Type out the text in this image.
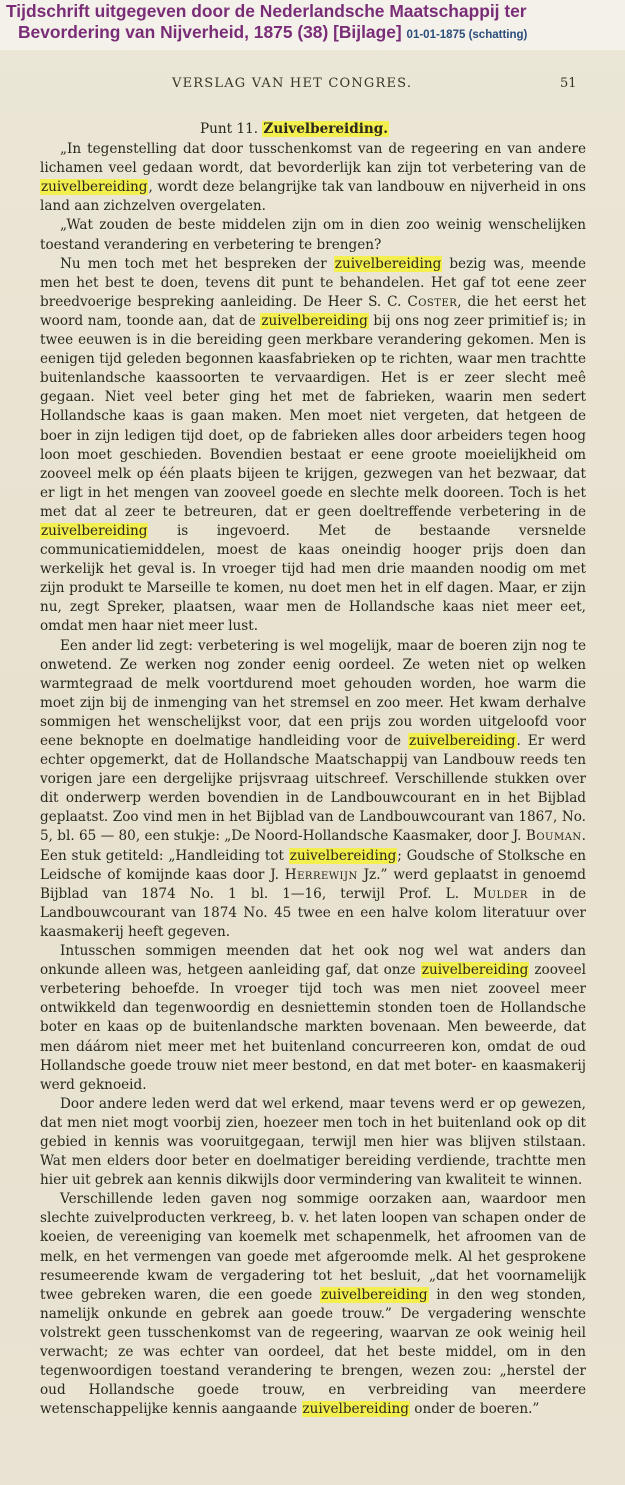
Tijdschrift uitgegeven door de Nederlandsche Maatschappij ter
Bevordering van Nijverheid, 1875 (38) [Bijlage] 01-01-1875 (schatting)
VERSLAG VAN HET CONGRES.	51
Punt 11. Zuivelbereiding.

„In tegenstelling dat door tusschenkomst van de regeering en van andere lichamen veel gedaan wordt, dat bevorderlijk kan zijn tot verbetering van de zuivelbereiding, wordt deze belangrijke tak van landbouw en nijverheid in ons land aan zichzelven overgelaten.

„Wat zouden de beste middelen zijn om in dien zoo weinig wenschelijken toestand verandering en verbetering te brengen?

Nu men toch met het bespreken der zuivelbereiding bezig was, meende men het best te doen, tevens dit punt te behandelen. Het gaf tot eene zeer breedvoerige bespreking aanleiding. De Heer S. C. Coster, die het eerst het woord nam, toonde aan, dat de zuivelbereiding bij ons nog zeer primitief is; in twee eeuwen is in die bereiding geen merkbare verandering gekomen. Men is eenigen tijd geleden begonnen kaasfabrieken op te richten, waar men trachtte buitenlandsche kaassoorten te vervaardigen. Het is er zeer slecht meê gegaan. Niet veel beter ging het met de fabrieken, waarin men sedert Hollandsche kaas is gaan maken. Men moet niet vergeten, dat hetgeen de boer in zijn ledigen tijd doet, op de fabrieken alles door arbeiders tegen hoog loon moet geschieden. Bovendien bestaat er eene groote moeielijkheid om zooveel melk op één plaats bijeen te krijgen, gezwegen van het bezwaar, dat er ligt in het mengen van zooveel goede en slechte melk dooreen. Toch is het met dat al zeer te betreuren, dat er geen doeltreffende verbetering in de zuivelbereiding is ingevoerd. Met de bestaande versnelde communicatiemiddelen, moest de kaas oneindig hooger prijs doen dan werkelijk het geval is. In vroeger tijd had men drie maanden noodig om met zijn produkt te Marseille te komen, nu doet men het in elf dagen. Maar, er zijn nu, zegt Spreker, plaatsen, waar men de Hollandsche kaas niet meer eet, omdat men haar niet meer lust.

Een ander lid zegt: verbetering is wel mogelijk, maar de boeren zijn nog te onwetend. Ze werken nog zonder eenig oordeel. Ze weten niet op welken warmtegraad de melk voortdurend moet gehouden worden, hoe warm die moet zijn bij de inmenging van het stremsel en zoo meer. Het kwam derhalve sommigen het wenschelijkst voor, dat een prijs zou worden uitgeloofd voor eene beknopte en doelmatige handleiding voor de zuivelbereiding. Er werd echter opgemerkt, dat de Hollandsche Maatschappij van Landbouw reeds ten vorigen jare een dergelijke prijsvraag uitschreef. Verschillende stukken over dit onderwerp werden bovendien in de Landbouwcourant en in het Bijblad geplaatst. Zoo vind men in het Bijblad van de Landbouwcourant van 1867, No. 5, bl. 65 — 80, een stukje: „De Noord-Hollandsche Kaasmaker, door J. Bouman. Een stuk getiteld: „Handleiding tot zuivelbereiding; Goudsche of Stolksche en Leidsche of komijnde kaas door J. Herrewijn Jz.” werd geplaatst in genoemd Bijblad van 1874 No. 1 bl. 1—16, terwijl Prof. L. Mulder in de Landbouwcourant van 1874 No. 45 twee en een halve kolom literatuur over kaasmakerij heeft gegeven.

Intusschen sommigen meenden dat het ook nog wel wat anders dan onkunde alleen was, hetgeen aanleiding gaf, dat onze zuivelbereiding zooveel verbetering behoefde. In vroeger tijd toch was men niet zooveel meer ontwikkeld dan tegenwoordig en desniettemin stonden toen de Hollandsche boter en kaas op de buitenlandsche markten bovenaan. Men beweerde, dat men dáárom niet meer met het buitenland concurreeren kon, omdat de oud Hollandsche goede trouw niet meer bestond, en dat met boter- en kaasmakerij werd geknoeid.

Door andere leden werd dat wel erkend, maar tevens werd er op gewezen, dat men niet mogt voorbij zien, hoezeer men toch in het buitenland ook op dit gebied in kennis was vooruitgegaan, terwijl men hier was blijven stilstaan. Wat men elders door beter en doelmatiger bereiding verdiende, trachtte men hier uit gebrek aan kennis dikwijls door vermindering van kwaliteit te winnen.

Verschillende leden gaven nog sommige oorzaken aan, waardoor men slechte zuivelproducten verkreeg, b. v. het laten loopen van schapen onder de koeien, de vereeniging van koemelk met schapenmelk, het afroomen van de melk, en het vermengen van goede met afgeroomde melk. Al het gesprokene resumeerende kwam de vergadering tot het besluit, „dat het voornamelijk twee gebreken waren, die een goede zuivelbereiding in den weg stonden, namelijk onkunde en gebrek aan goede trouw.” De vergadering wenschte volstrekt geen tusschenkomst van de regeering, waarvan ze ook weinig heil verwacht; ze was echter van oordeel, dat het beste middel, om in den tegenwoordigen toestand verandering te brengen, wezen zou: „herstel der oud Hollandsche goede trouw, en verbreiding van meerdere wetenschappelijke kennis aangaande zuivelbereiding onder de boeren.”
